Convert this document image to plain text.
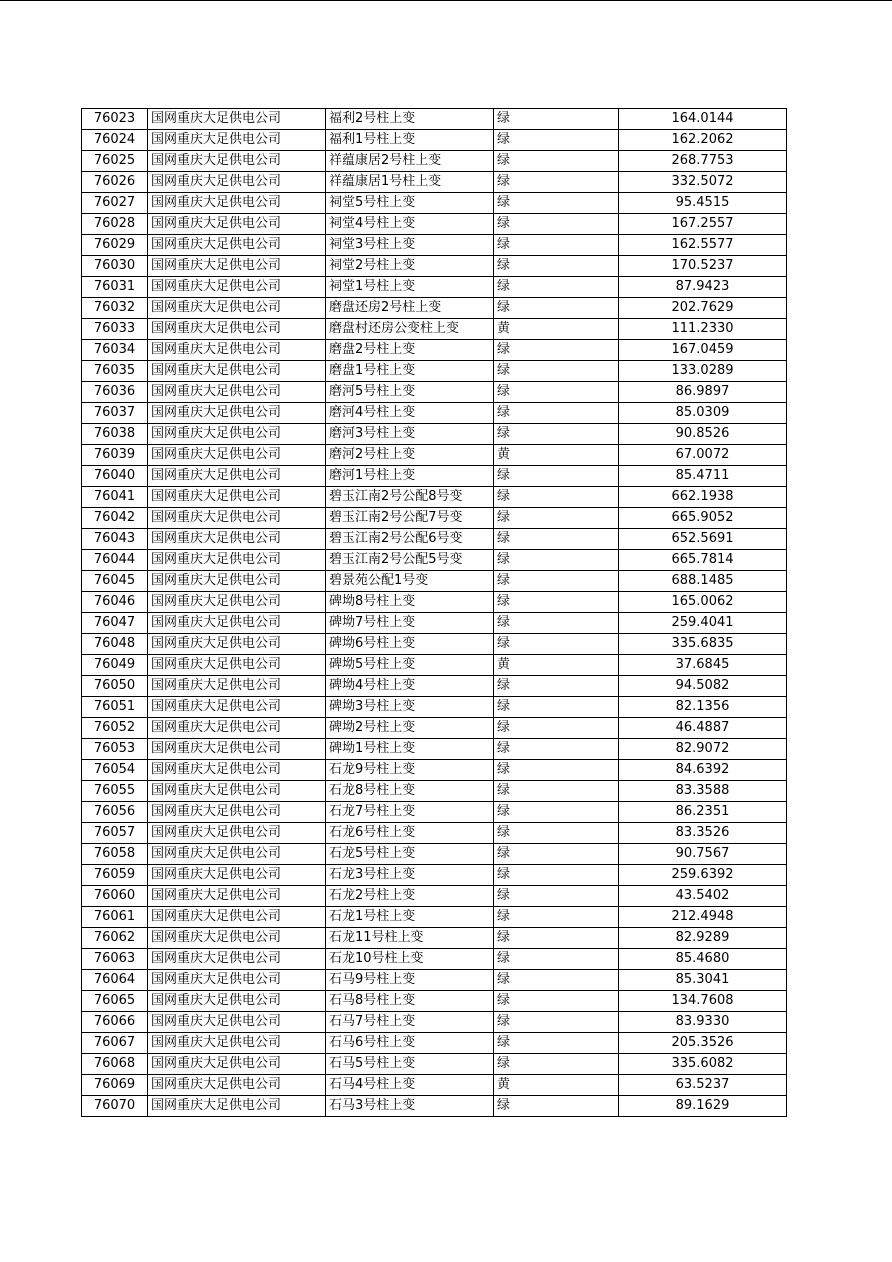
76023	国网重庆大足供电公司	福利2号柱上变	绿	164.0144
76024	国网重庆大足供电公司	福利1号柱上变	绿	162.2062
76025	国网重庆大足供电公司	祥蕴康居2号柱上变	绿	268.7753
76026	国网重庆大足供电公司	祥蕴康居1号柱上变	绿	332.5072
76027	国网重庆大足供电公司	祠堂5号柱上变	绿	95.4515
76028	国网重庆大足供电公司	祠堂4号柱上变	绿	167.2557
76029	国网重庆大足供电公司	祠堂3号柱上变	绿	162.5577
76030	国网重庆大足供电公司	祠堂2号柱上变	绿	170.5237
76031	国网重庆大足供电公司	祠堂1号柱上变	绿	87.9423
76032	国网重庆大足供电公司	磨盘还房2号柱上变	绿	202.7629
76033	国网重庆大足供电公司	磨盘村还房公变柱上变	黄	111.2330
76034	国网重庆大足供电公司	磨盘2号柱上变	绿	167.0459
76035	国网重庆大足供电公司	磨盘1号柱上变	绿	133.0289
76036	国网重庆大足供电公司	磨河5号柱上变	绿	86.9897
76037	国网重庆大足供电公司	磨河4号柱上变	绿	85.0309
76038	国网重庆大足供电公司	磨河3号柱上变	绿	90.8526
76039	国网重庆大足供电公司	磨河2号柱上变	黄	67.0072
76040	国网重庆大足供电公司	磨河1号柱上变	绿	85.4711
76041	国网重庆大足供电公司	碧玉江南2号公配8号变	绿	662.1938
76042	国网重庆大足供电公司	碧玉江南2号公配7号变	绿	665.9052
76043	国网重庆大足供电公司	碧玉江南2号公配6号变	绿	652.5691
76044	国网重庆大足供电公司	碧玉江南2号公配5号变	绿	665.7814
76045	国网重庆大足供电公司	碧景苑公配1号变	绿	688.1485
76046	国网重庆大足供电公司	碑坳8号柱上变	绿	165.0062
76047	国网重庆大足供电公司	碑坳7号柱上变	绿	259.4041
76048	国网重庆大足供电公司	碑坳6号柱上变	绿	335.6835
76049	国网重庆大足供电公司	碑坳5号柱上变	黄	37.6845
76050	国网重庆大足供电公司	碑坳4号柱上变	绿	94.5082
76051	国网重庆大足供电公司	碑坳3号柱上变	绿	82.1356
76052	国网重庆大足供电公司	碑坳2号柱上变	绿	46.4887
76053	国网重庆大足供电公司	碑坳1号柱上变	绿	82.9072
76054	国网重庆大足供电公司	石龙9号柱上变	绿	84.6392
76055	国网重庆大足供电公司	石龙8号柱上变	绿	83.3588
76056	国网重庆大足供电公司	石龙7号柱上变	绿	86.2351
76057	国网重庆大足供电公司	石龙6号柱上变	绿	83.3526
76058	国网重庆大足供电公司	石龙5号柱上变	绿	90.7567
76059	国网重庆大足供电公司	石龙3号柱上变	绿	259.6392
76060	国网重庆大足供电公司	石龙2号柱上变	绿	43.5402
76061	国网重庆大足供电公司	石龙1号柱上变	绿	212.4948
76062	国网重庆大足供电公司	石龙11号柱上变	绿	82.9289
76063	国网重庆大足供电公司	石龙10号柱上变	绿	85.4680
76064	国网重庆大足供电公司	石马9号柱上变	绿	85.3041
76065	国网重庆大足供电公司	石马8号柱上变	绿	134.7608
76066	国网重庆大足供电公司	石马7号柱上变	绿	83.9330
76067	国网重庆大足供电公司	石马6号柱上变	绿	205.3526
76068	国网重庆大足供电公司	石马5号柱上变	绿	335.6082
76069	国网重庆大足供电公司	石马4号柱上变	黄	63.5237
76070	国网重庆大足供电公司	石马3号柱上变	绿	89.1629
